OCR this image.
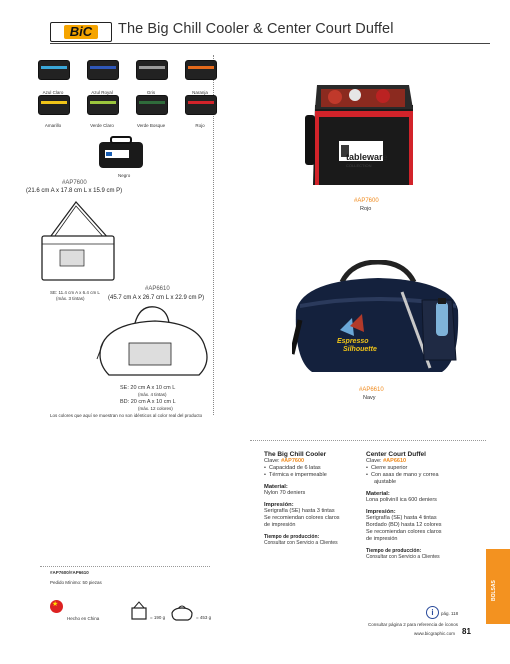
BiC	The Big Chill Cooler & Center Court Duffel
Azul Claro	Azul Royal	Gris	Naranja
Amarillo	Verde Claro	Verde Bosque	Rojo
Negro
#AP7600
(21.6 cm A x 17.8 cm L x 15.9 cm P)
SE: 11.4 cm A x 6.4 cm L
(máx. 3 tintas)
#AP6610
(45.7 cm A x 26.7 cm L x 22.9 cm P)
SE: 20 cm A x 10 cm L
(máx. 4 tintas)
BD: 20 cm A x 10 cm L
(máx. 12 colores)
Los colores que aquí se muestran no son idénticos al color real del producto
tableware
COLLECTION
#AP7600
Rojo
Espresso
Silhouette
#AP6610
Navy
The Big Chill Cooler
Clave: #AP7600
•  Capacidad de 6 latas
•  Térmica e impermeable
Material:
Nylon 70 deniers
Impresión:
Serigrafía (SE) hasta 3 tintas
Se recomiendan colores claros
de impresión
Tiempo de producción:
Consultar con Servicio a Clientes
Center Court Duffel
Clave: #AP6610
•  Cierre superior
•  Con asas de mano y correa
ajustable
Material:
Lona poliviníl ica 600 deniers
Impresión:
Serigrafía (SE) hasta 4 tintas
Bordado (BD) hasta 12 colores
Se recomiendan colores claros
de impresión
Tiempo de producción:
Consultar con Servicio a Clientes
#AP7600/#AP6610
Pedido Mínimo: 50 piezas
★
Hecho en China	= 190 g	= 453 g
i	pág. 118
Consultar página 2 para referencia de íconos
www.bicgraphic.com 81
BOLSAS
